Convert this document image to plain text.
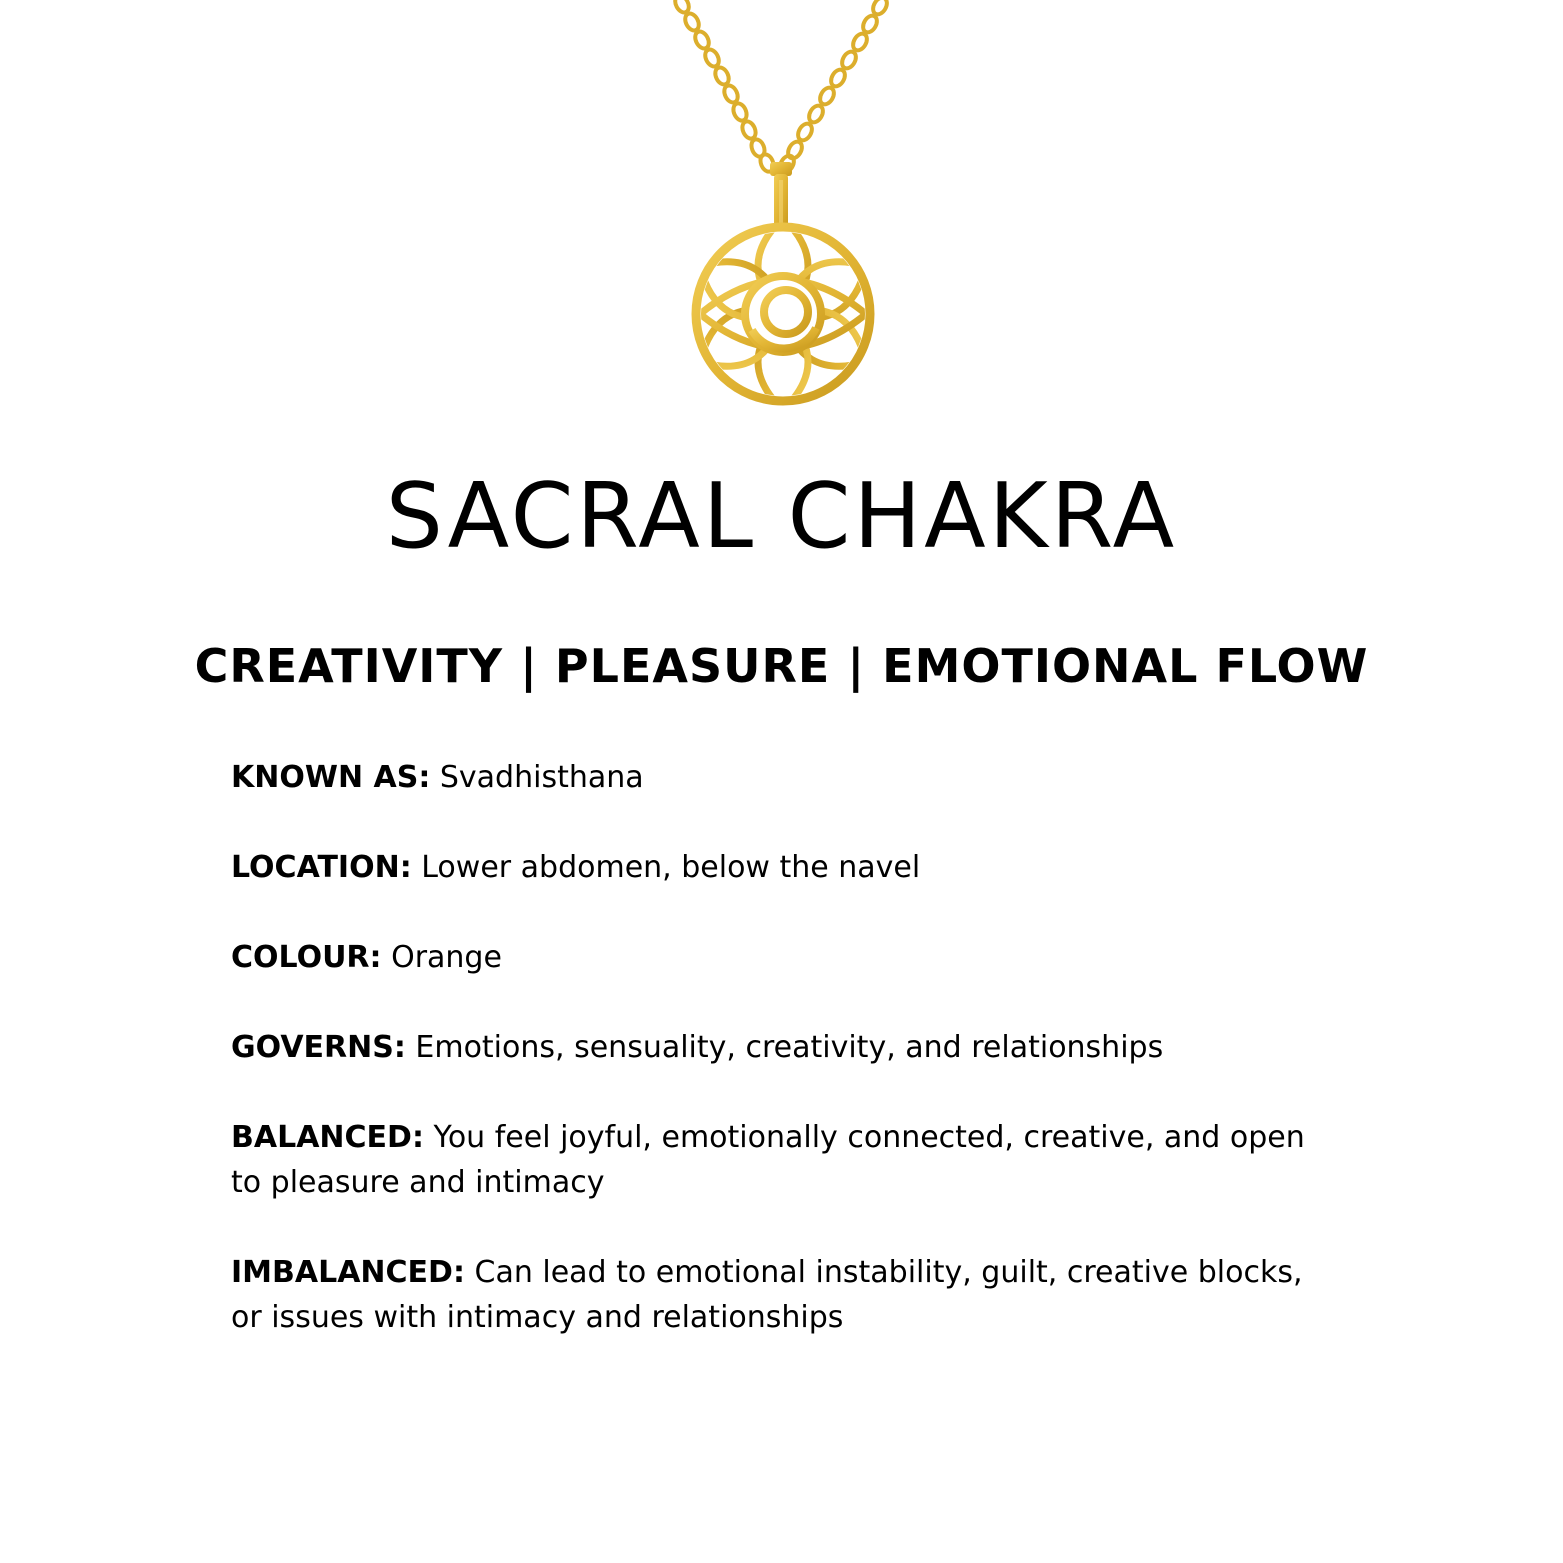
SACRAL CHAKRA
CREATIVITY | PLEASURE | EMOTIONAL FLOW

KNOWN AS: Svadhisthana

LOCATION: Lower abdomen, below the navel

COLOUR: Orange

GOVERNS: Emotions, sensuality, creativity, and relationships

BALANCED: You feel joyful, emotionally connected, creative, and open to pleasure and intimacy

IMBALANCED: Can lead to emotional instability, guilt, creative blocks, or issues with intimacy and relationships
